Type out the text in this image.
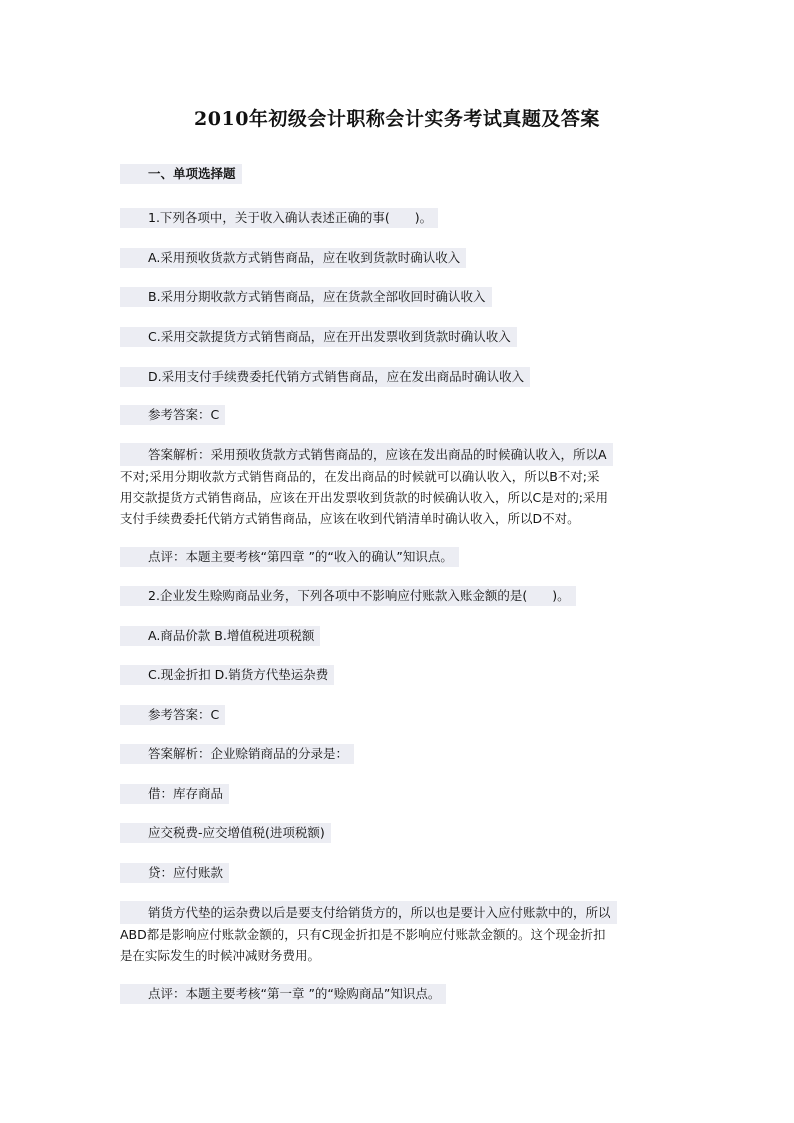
2010年初级会计职称会计实务考试真题及答案
一、单项选择题
1.下列各项中，关于收入确认表述正确的事(　　)。
A.采用预收货款方式销售商品，应在收到货款时确认收入
B.采用分期收款方式销售商品，应在货款全部收回时确认收入
C.采用交款提货方式销售商品，应在开出发票收到货款时确认收入
D.采用支付手续费委托代销方式销售商品，应在发出商品时确认收入
参考答案：C
答案解析：采用预收货款方式销售商品的，应该在发出商品的时候确认收入，所以A
不对;采用分期收款方式销售商品的，在发出商品的时候就可以确认收入，所以B不对;采
用交款提货方式销售商品，应该在开出发票收到货款的时候确认收入，所以C是对的;采用
支付手续费委托代销方式销售商品，应该在收到代销清单时确认收入，所以D不对。
点评：本题主要考核“第四章 ”的“收入的确认”知识点。
2.企业发生赊购商品业务，下列各项中不影响应付账款入账金额的是(　　)。
A.商品价款 B.增值税进项税额
C.现金折扣 D.销货方代垫运杂费
参考答案：C
答案解析：企业赊销商品的分录是：
借：库存商品
应交税费-应交增值税(进项税额)
贷：应付账款
销货方代垫的运杂费以后是要支付给销货方的，所以也是要计入应付账款中的，所以
ABD都是影响应付账款金额的，只有C现金折扣是不影响应付账款金额的。这个现金折扣
是在实际发生的时候冲减财务费用。
点评：本题主要考核“第一章 ”的“赊购商品”知识点。
